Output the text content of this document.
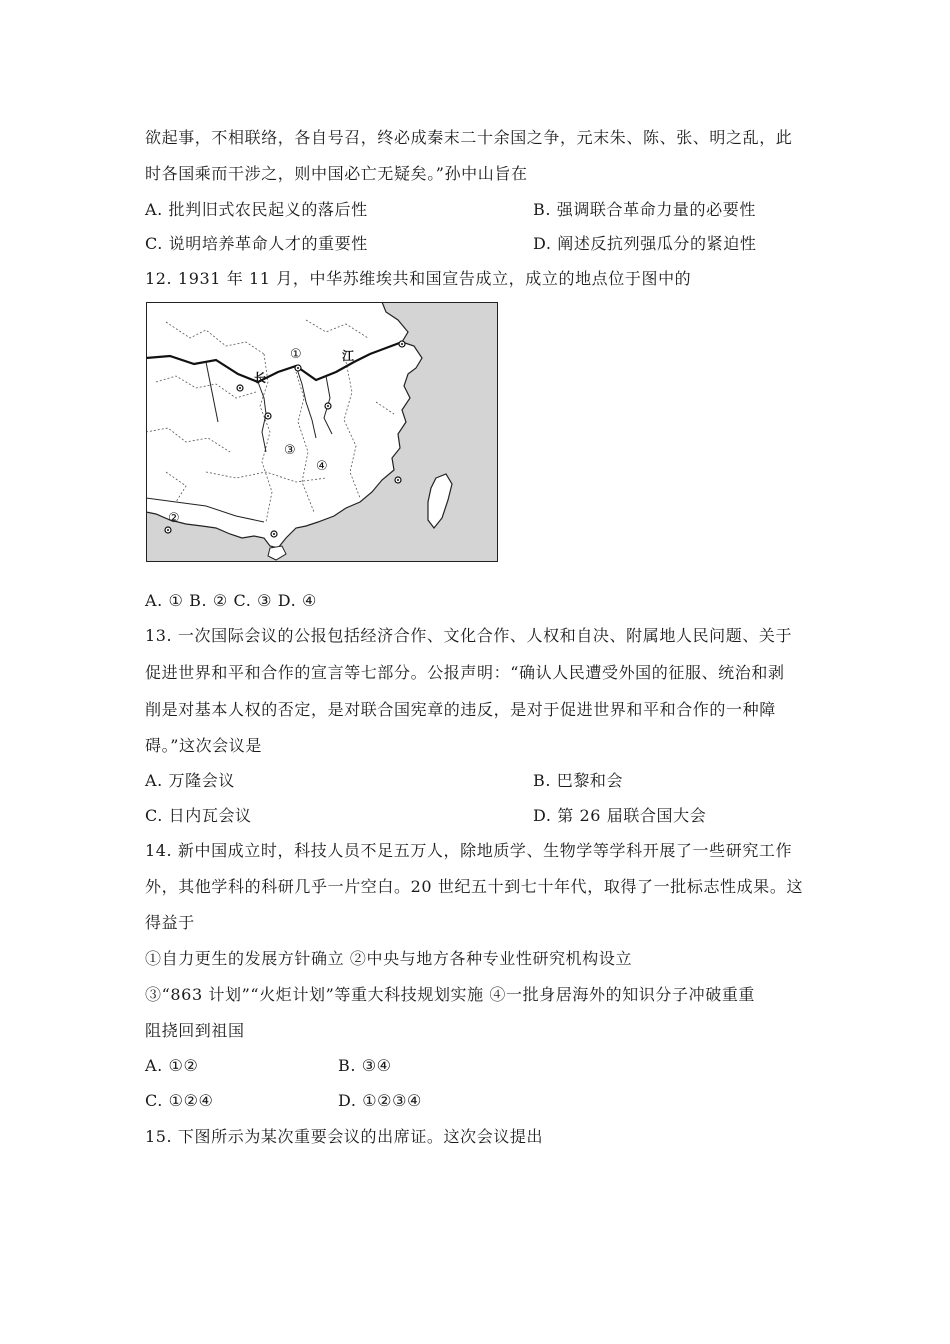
欲起事，不相联络，各自号召，终必成秦末二十余国之争，元末朱、陈、张、明之乱，此
时各国乘而干涉之，则中国必亡无疑矣。”孙中山旨在
A. 批判旧式农民起义的落后性	B. 强调联合革命力量的必要性
C. 说明培养革命人才的重要性	D. 阐述反抗列强瓜分的紧迫性
12. 1931 年 11 月，中华苏维埃共和国宣告成立，成立的地点位于图中的
①
②
③
④
长
江
A. ① B. ② C. ③ D. ④
13. 一次国际会议的公报包括经济合作、文化合作、人权和自决、附属地人民问题、关于
促进世界和平和合作的宣言等七部分。公报声明：“确认人民遭受外国的征服、统治和剥
削是对基本人权的否定，是对联合国宪章的违反，是对于促进世界和平和合作的一种障
碍。”这次会议是
A. 万隆会议	B. 巴黎和会
C. 日内瓦会议	D. 第 26 届联合国大会
14. 新中国成立时，科技人员不足五万人，除地质学、生物学等学科开展了一些研究工作
外，其他学科的科研几乎一片空白。20 世纪五十到七十年代，取得了一批标志性成果。这
得益于
①自力更生的发展方针确立 ②中央与地方各种专业性研究机构设立
③“863 计划”“火炬计划”等重大科技规划实施 ④一批身居海外的知识分子冲破重重
阻挠回到祖国
A. ①②	B. ③④
C. ①②④	D. ①②③④
15. 下图所示为某次重要会议的出席证。这次会议提出
